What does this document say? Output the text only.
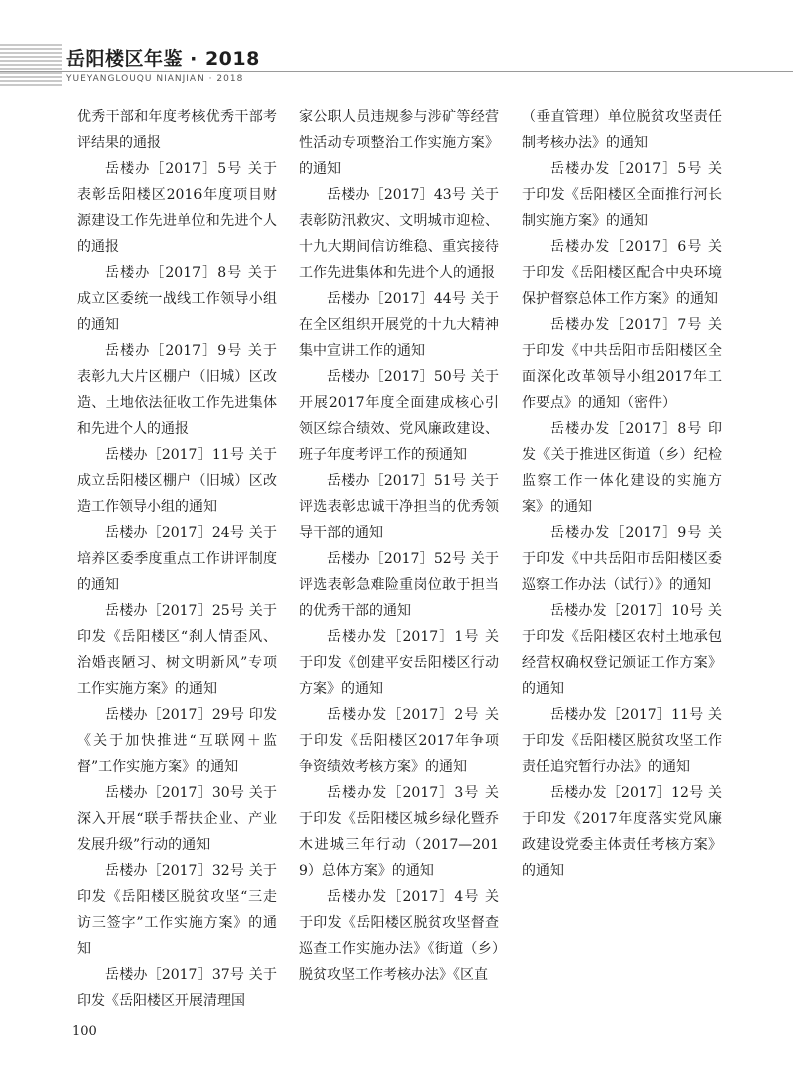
岳阳楼区年鉴 · 2018
YUEYANGLOUQU NIANJIAN · 2018

优秀干部和年度考核优秀干部考评结果的通报

岳楼办［2017］5号 关于表彰岳阳楼区2016年度项目财源建设工作先进单位和先进个人的通报

岳楼办［2017］8号 关于成立区委统一战线工作领导小组的通知

岳楼办［2017］9号 关于表彰九大片区棚户（旧城）区改造、土地依法征收工作先进集体和先进个人的通报

岳楼办［2017］11号 关于成立岳阳楼区棚户（旧城）区改造工作领导小组的通知

岳楼办［2017］24号 关于培养区委季度重点工作讲评制度的通知

岳楼办［2017］25号 关于印发《岳阳楼区“刹人情歪风、治婚丧陋习、树文明新风”专项工作实施方案》的通知

岳楼办［2017］29号 印发《关于加快推进“互联网＋监督”工作实施方案》的通知

岳楼办［2017］30号 关于深入开展“联手帮扶企业、产业发展升级”行动的通知

岳楼办［2017］32号 关于印发《岳阳楼区脱贫攻坚“三走访三签字”工作实施方案》的通知

岳楼办［2017］37号 关于印发《岳阳楼区开展清理国

家公职人员违规参与涉矿等经营性活动专项整治工作实施方案》的通知

岳楼办［2017］43号 关于表彰防汛救灾、文明城市迎检、十九大期间信访维稳、重宾接待工作先进集体和先进个人的通报

岳楼办［2017］44号 关于在全区组织开展党的十九大精神集中宣讲工作的通知

岳楼办［2017］50号 关于开展2017年度全面建成核心引领区综合绩效、党风廉政建设、班子年度考评工作的预通知

岳楼办［2017］51号 关于评选表彰忠诚干净担当的优秀领导干部的通知

岳楼办［2017］52号 关于评选表彰急难险重岗位敢于担当的优秀干部的通知

岳楼办发［2017］1号 关于印发《创建平安岳阳楼区行动方案》的通知

岳楼办发［2017］2号 关于印发《岳阳楼区2017年争项争资绩效考核方案》的通知

岳楼办发［2017］3号 关于印发《岳阳楼区城乡绿化暨乔木进城三年行动（2017—2019）总体方案》的通知

岳楼办发［2017］4号 关于印发《岳阳楼区脱贫攻坚督查巡查工作实施办法》《街道（乡）脱贫攻坚工作考核办法》《区直

（垂直管理）单位脱贫攻坚责任制考核办法》的通知

岳楼办发［2017］5号 关于印发《岳阳楼区全面推行河长制实施方案》的通知

岳楼办发［2017］6号 关于印发《岳阳楼区配合中央环境保护督察总体工作方案》的通知

岳楼办发［2017］7号 关于印发《中共岳阳市岳阳楼区全面深化改革领导小组2017年工作要点》的通知（密件）

岳楼办发［2017］8号 印发《关于推进区街道（乡）纪检监察工作一体化建设的实施方案》的通知

岳楼办发［2017］9号 关于印发《中共岳阳市岳阳楼区委巡察工作办法（试行）》的通知

岳楼办发［2017］10号 关于印发《岳阳楼区农村土地承包经营权确权登记颁证工作方案》的通知

岳楼办发［2017］11号 关于印发《岳阳楼区脱贫攻坚工作责任追究暂行办法》的通知

岳楼办发［2017］12号 关于印发《2017年度落实党风廉政建设党委主体责任考核方案》的通知

100
